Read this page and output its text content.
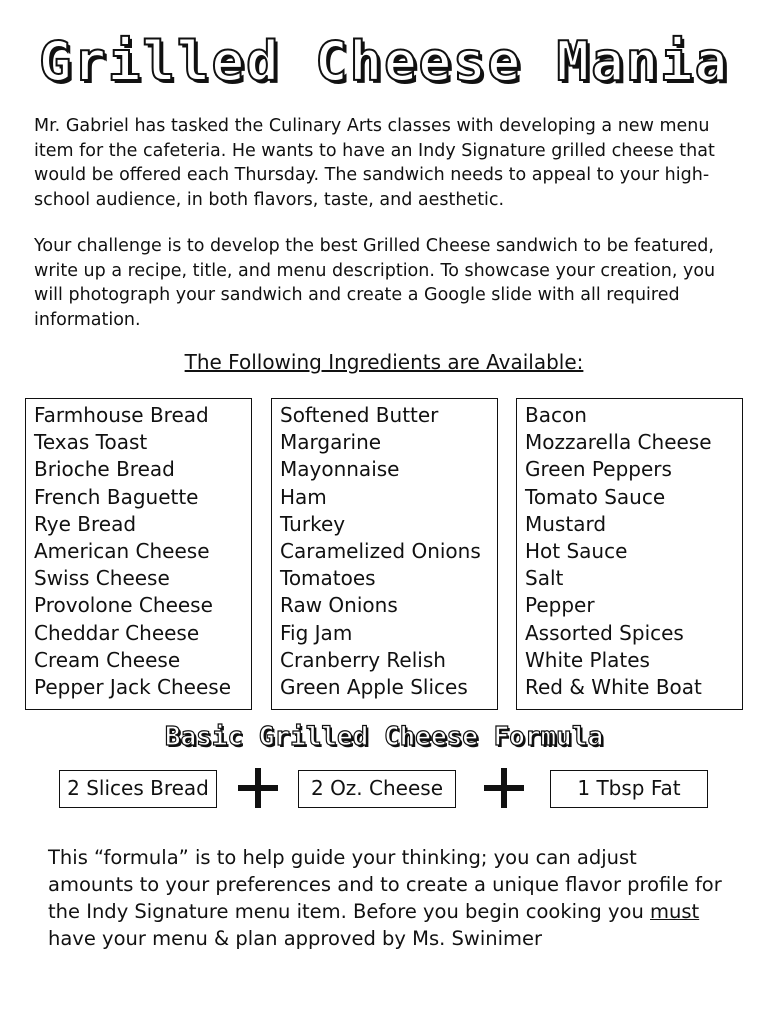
Grilled Cheese Mania

Mr. Gabriel has tasked the Culinary Arts classes with developing a new menu item for the cafeteria. He wants to have an Indy Signature grilled cheese that would be offered each Thursday. The sandwich needs to appeal to your high-school audience, in both flavors, taste, and aesthetic.

Your challenge is to develop the best Grilled Cheese sandwich to be featured, write up a recipe, title, and menu description. To showcase your creation, you will photograph your sandwich and create a Google slide with all required information.

The Following Ingredients are Available:
Farmhouse Bread
Texas Toast
Brioche Bread
French Baguette
Rye Bread
American Cheese
Swiss Cheese
Provolone Cheese
Cheddar Cheese
Cream Cheese
Pepper Jack Cheese
Softened Butter
Margarine
Mayonnaise
Ham
Turkey
Caramelized Onions
Tomatoes
Raw Onions
Fig Jam
Cranberry Relish
Green Apple Slices
Bacon
Mozzarella Cheese
Green Peppers
Tomato Sauce
Mustard
Hot Sauce
Salt
Pepper
Assorted Spices
White Plates
Red & White Boat
Basic Grilled Cheese Formula
2 Slices Bread	2 Oz. Cheese	1 Tbsp Fat

This “formula” is to help guide your thinking; you can adjust amounts to your preferences and to create a unique flavor profile for the Indy Signature menu item. Before you begin cooking you must have your menu & plan approved by Ms. Swinimer
